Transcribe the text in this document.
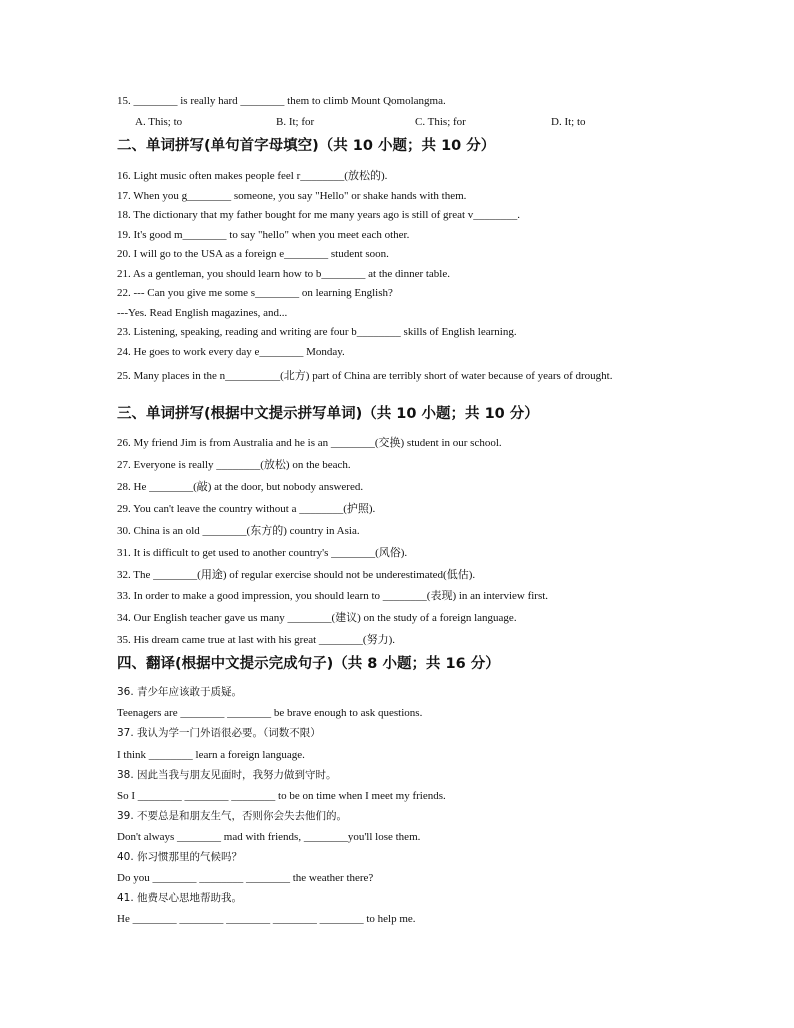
15. ________ is really hard ________ them to climb Mount Qomolangma.
A. This; to	B. It; for	C. This; for	D. It; to
二、单词拼写(单句首字母填空)（共 10 小题；共 10 分）
16. Light music often makes people feel r________(放松的).
17. When you g________ someone, you say "Hello" or shake hands with them.
18. The dictionary that my father bought for me many years ago is still of great v________.
19. It's good m________ to say "hello" when you meet each other.
20. I will go to the USA as a foreign e________ student soon.
21. As a gentleman, you should learn how to b________ at the dinner table.
22. --- Can you give me some s________ on learning English?
---Yes. Read English magazines, and...
23. Listening, speaking, reading and writing are four b________ skills of English learning.
24. He goes to work every day e________ Monday.
25. Many places in the n__________(北方) part of China are terribly short of water because of years of drought.
三、单词拼写(根据中文提示拼写单词)（共 10 小题；共 10 分）
26. My friend Jim is from Australia and he is an ________(交换) student in our school.
27. Everyone is really ________(放松) on the beach.
28. He ________(敲) at the door, but nobody answered.
29. You can't leave the country without a ________(护照).
30. China is an old ________(东方的) country in Asia.
31. It is difficult to get used to another country's ________(风俗).
32. The ________(用途) of regular exercise should not be underestimated(低估).
33. In order to make a good impression, you should learn to ________(表现) in an interview first.
34. Our English teacher gave us many ________(建议) on the study of a foreign language.
35. His dream came true at last with his great ________(努力).
四、翻译(根据中文提示完成句子)（共 8 小题；共 16 分）
36. 青少年应该敢于质疑。
Teenagers are ________ ________ be brave enough to ask questions.
37. 我认为学一门外语很必要。（词数不限）
I think ________ learn a foreign language.
38. 因此当我与朋友见面时，我努力做到守时。
So I ________ ________ ________ to be on time when I meet my friends.
39. 不要总是和朋友生气，否则你会失去他们的。
Don't always ________ mad with friends, ________you'll lose them.
40. 你习惯那里的气候吗？
Do you ________ ________ ________ the weather there?
41. 他费尽心思地帮助我。
He ________ ________ ________ ________ ________ to help me.
